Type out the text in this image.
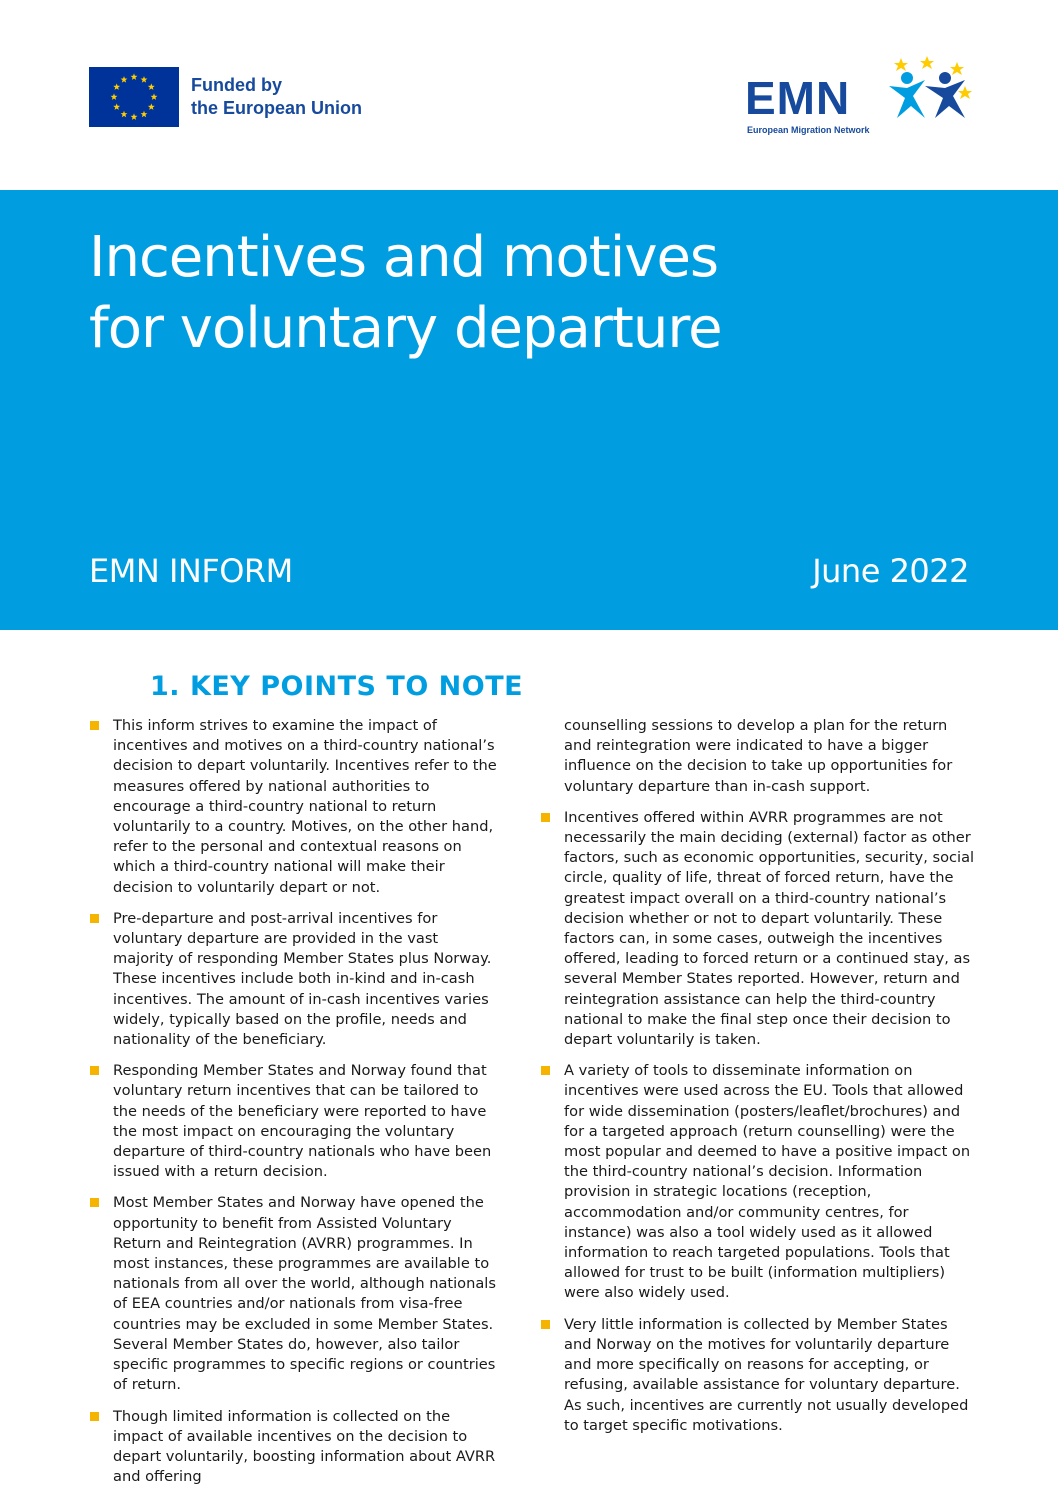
Funded by
the European Union	EMN
European Migration Network
Incentives and motives
for voluntary departure
EMN INFORM	June 2022
1. KEY POINTS TO NOTE
This inform strives to examine the impact of incentives and motives on a third-country national’s decision to depart voluntarily. Incentives refer to the measures offered by national authorities to encourage a third-country national to return voluntarily to a country. Motives, on the other hand, refer to the personal and contextual reasons on which a third-country national will make their decision to voluntarily depart or not.
Pre-departure and post-arrival incentives for voluntary departure are provided in the vast majority of responding Member States plus Norway. These incentives include both in-kind and in-cash incentives. The amount of in-cash incentives varies widely, typically based on the profile, needs and nationality of the beneficiary.
Responding Member States and Norway found that voluntary return incentives that can be tailored to the needs of the beneficiary were reported to have the most impact on encouraging the voluntary departure of third-country nationals who have been issued with a return decision.
Most Member States and Norway have opened the opportunity to benefit from Assisted Voluntary Return and Reintegration (AVRR) programmes. In most instances, these programmes are available to nationals from all over the world, although nationals of EEA countries and/or nationals from visa-free countries may be excluded in some Member States. Several Member States do, however, also tailor specific programmes to specific regions or countries of return.
Though limited information is collected on the impact of available incentives on the decision to depart voluntarily, boosting information about AVRR and offering
counselling sessions to develop a plan for the return and reintegration were indicated to have a bigger influence on the decision to take up opportunities for voluntary departure than in-cash support.
Incentives offered within AVRR programmes are not necessarily the main deciding (external) factor as other factors, such as economic opportunities, security, social circle, quality of life, threat of forced return, have the greatest impact overall on a third-country national’s decision whether or not to depart voluntarily. These factors can, in some cases, outweigh the incentives offered, leading to forced return or a continued stay, as several Member States reported. However, return and reintegration assistance can help the third-country national to make the final step once their decision to depart voluntarily is taken.
A variety of tools to disseminate information on incentives were used across the EU. Tools that allowed for wide dissemination (posters/leaflet/brochures) and for a targeted approach (return counselling) were the most popular and deemed to have a positive impact on the third-country national’s decision. Information provision in strategic locations (reception, accommodation and/or community centres, for instance) was also a tool widely used as it allowed information to reach targeted populations. Tools that allowed for trust to be built (information multipliers) were also widely used.
Very little information is collected by Member States and Norway on the motives for voluntarily departure and more specifically on reasons for accepting, or refusing, available assistance for voluntary departure. As such, incentives are currently not usually developed to target specific motivations.
